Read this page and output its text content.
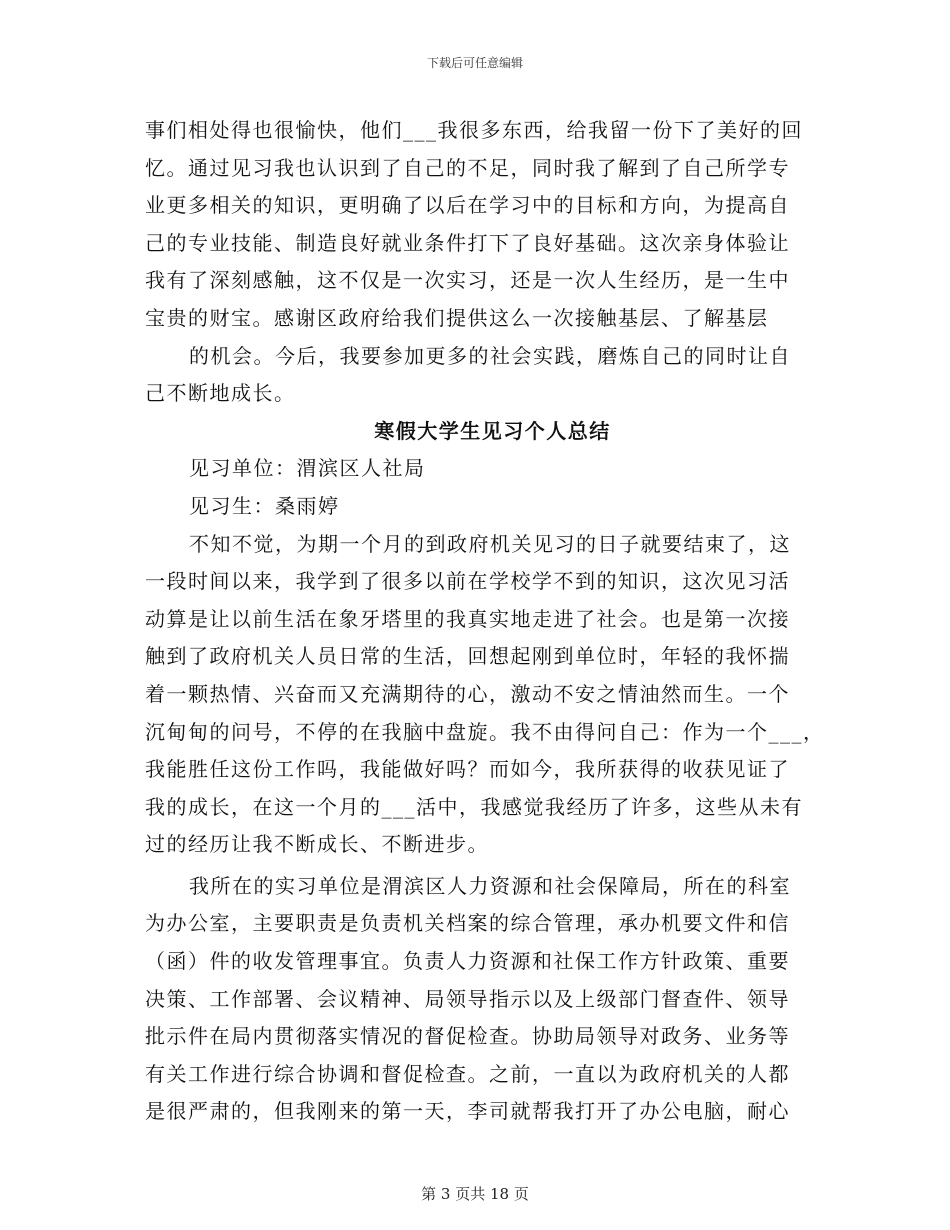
下载后可任意编辑
事们相处得也很愉快，他们___我很多东西，给我留一份下了美好的回
忆。通过见习我也认识到了自己的不足，同时我了解到了自己所学专
业更多相关的知识，更明确了以后在学习中的目标和方向，为提高自
己的专业技能、制造良好就业条件打下了良好基础。这次亲身体验让
我有了深刻感触，这不仅是一次实习，还是一次人生经历，是一生中
宝贵的财宝。感谢区政府给我们提供这么一次接触基层、了解基层
的机会。今后，我要参加更多的社会实践，磨炼自己的同时让自
己不断地成长。
寒假大学生见习个人总结
见习单位：渭滨区人社局
见习生：桑雨婷
不知不觉，为期一个月的到政府机关见习的日子就要结束了，这
一段时间以来，我学到了很多以前在学校学不到的知识，这次见习活
动算是让以前生活在象牙塔里的我真实地走进了社会。也是第一次接
触到了政府机关人员日常的生活，回想起刚到单位时，年轻的我怀揣
着一颗热情、兴奋而又充满期待的心，激动不安之情油然而生。一个
沉甸甸的问号，不停的在我脑中盘旋。我不由得问自己：作为一个___，
我能胜任这份工作吗，我能做好吗？而如今，我所获得的收获见证了
我的成长，在这一个月的___活中，我感觉我经历了许多，这些从未有
过的经历让我不断成长、不断进步。
我所在的实习单位是渭滨区人力资源和社会保障局，所在的科室
为办公室，主要职责是负责机关档案的综合管理，承办机要文件和信
（函）件的收发管理事宜。负责人力资源和社保工作方针政策、重要
决策、工作部署、会议精神、局领导指示以及上级部门督查件、领导
批示件在局内贯彻落实情况的督促检查。协助局领导对政务、业务等
有关工作进行综合协调和督促检查。之前，一直以为政府机关的人都
是很严肃的，但我刚来的第一天，李司就帮我打开了办公电脑，耐心
第 3 页共 18 页
